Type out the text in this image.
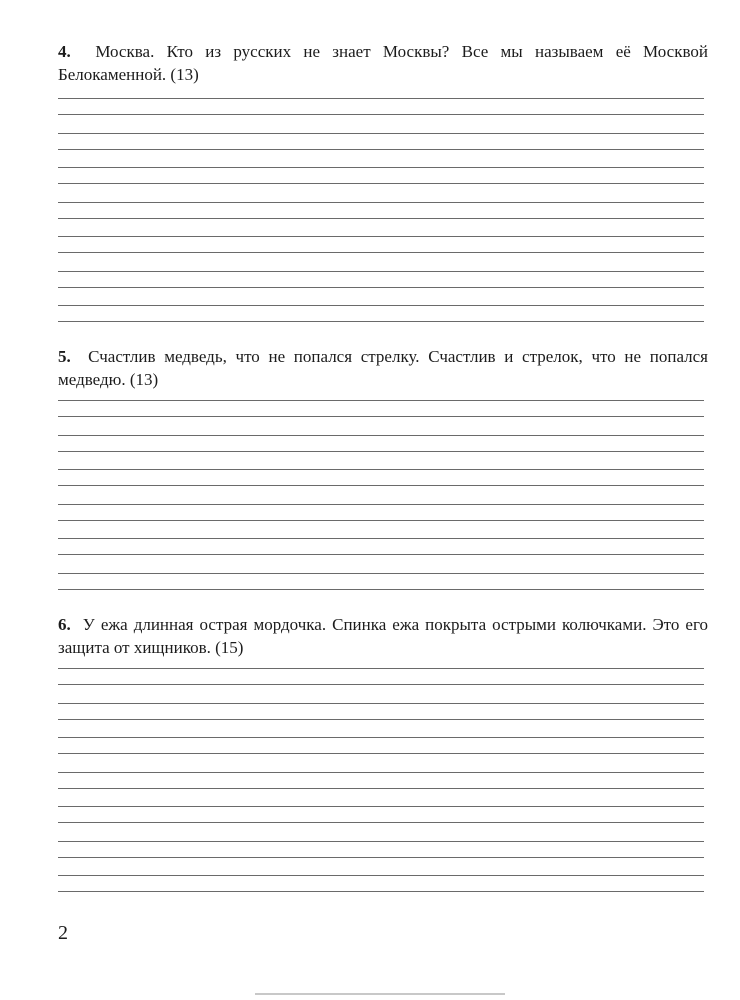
4. Москва. Кто из русских не знает Москвы? Все мы называем её Москвой Белокаменной. (13)
5. Счастлив медведь, что не попался стрелку. Счастлив и стрелок, что не попался медведю. (13)
6. У ежа длинная острая мордочка. Спинка ежа покрыта острыми колючками. Это его защита от хищников. (15)
2
